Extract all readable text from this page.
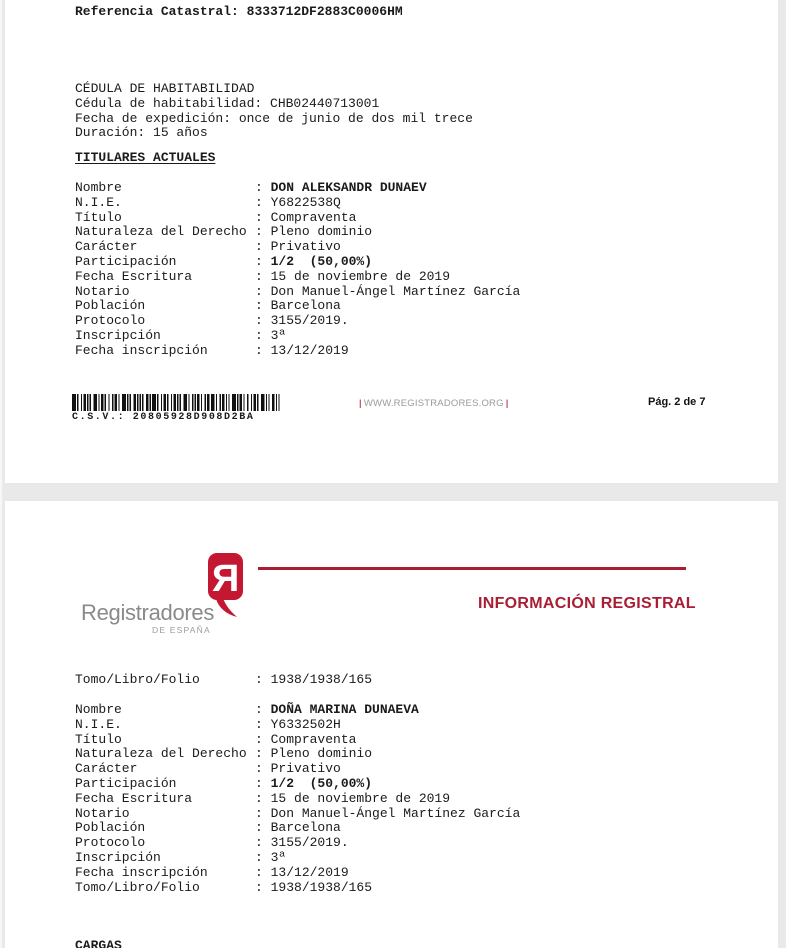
Referencia Catastral: 8333712DF2883C0006HM
CÉDULA DE HABITABILIDAD
Cédula de habitabilidad: CHB02440713001
Fecha de expedición: once de junio de dos mil trece
Duración: 15 años
TITULARES ACTUALES
Nombre	: DON ALEKSANDR DUNAEV
N.I.E.	: Y6822538Q
Título	: Compraventa
Naturaleza del Derecho : Pleno dominio
Carácter	: Privativo
Participación	: 1/2  (50,00%)
Fecha Escritura	: 15 de noviembre de 2019
Notario	: Don Manuel-Ángel Martínez García
Población	: Barcelona
Protocolo	: 3155/2019.
Inscripción	: 3ª
Fecha inscripción	: 13/12/2019
C.S.V.: 20805928D908D2BA
| WWW.REGISTRADORES.ORG |	Pág. 2 de 7
Registradores
DE ESPAÑA
R
INFORMACIÓN REGISTRAL
Tomo/Libro/Folio	: 1938/1938/165
Nombre	: DOÑA MARINA DUNAEVA
N.I.E.	: Y6332502H
Título	: Compraventa
Naturaleza del Derecho : Pleno dominio
Carácter	: Privativo
Participación	: 1/2  (50,00%)
Fecha Escritura	: 15 de noviembre de 2019
Notario	: Don Manuel-Ángel Martínez García
Población	: Barcelona
Protocolo	: 3155/2019.
Inscripción	: 3ª
Fecha inscripción	: 13/12/2019
Tomo/Libro/Folio	: 1938/1938/165
CARGAS
